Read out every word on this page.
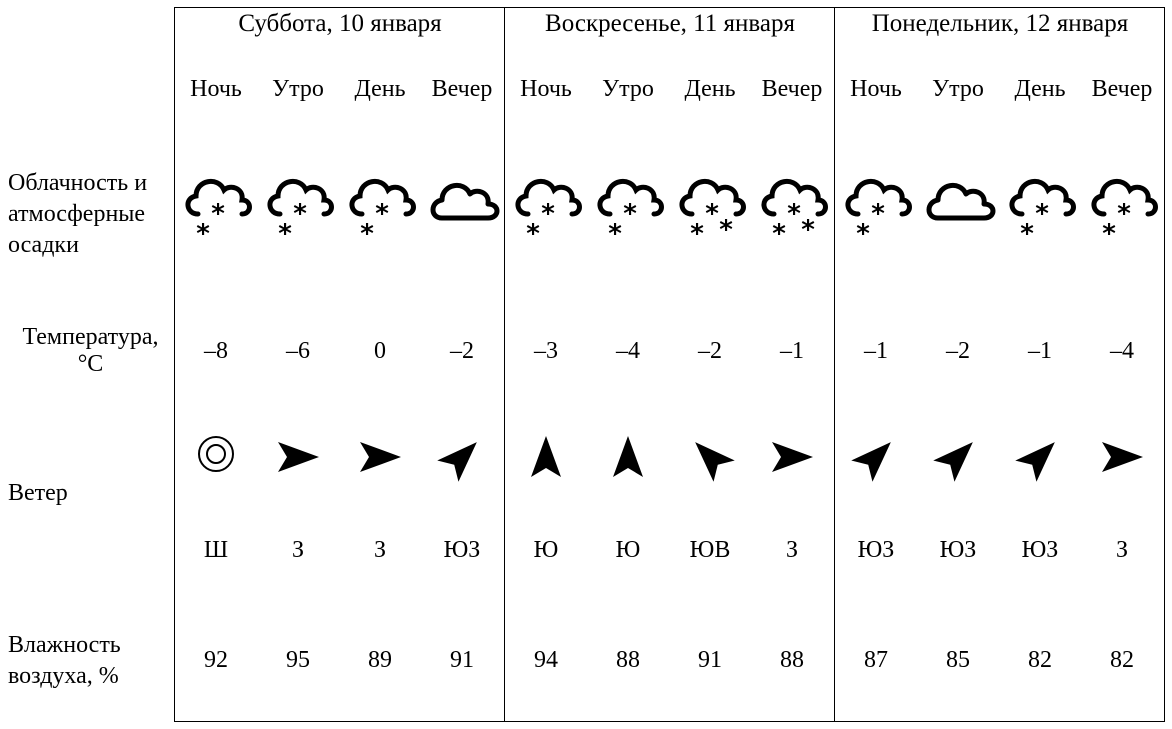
Облачность и
атмосферные
осадки
Температура,
°C
Ветер
Влажность
воздуха, %
Суббота, 10 января
Ночь
*
*
–8
Ш
92
Утро
*
*
–6
З
95
День
*
*
0
З
89
Вечер
–2
ЮЗ
91
Воскресенье, 11 января
Ночь
*
*
–3
Ю
94
Утро
*
*
–4
Ю
88
День
*
* *
–2
ЮВ
91
Вечер
*
* *
–1
З
88
Понедельник, 12 января
Ночь
*
*
–1
ЮЗ
87
Утро
–2
ЮЗ
85
День
*
*
–1
ЮЗ
82
Вечер
*
*
–4
З
82
